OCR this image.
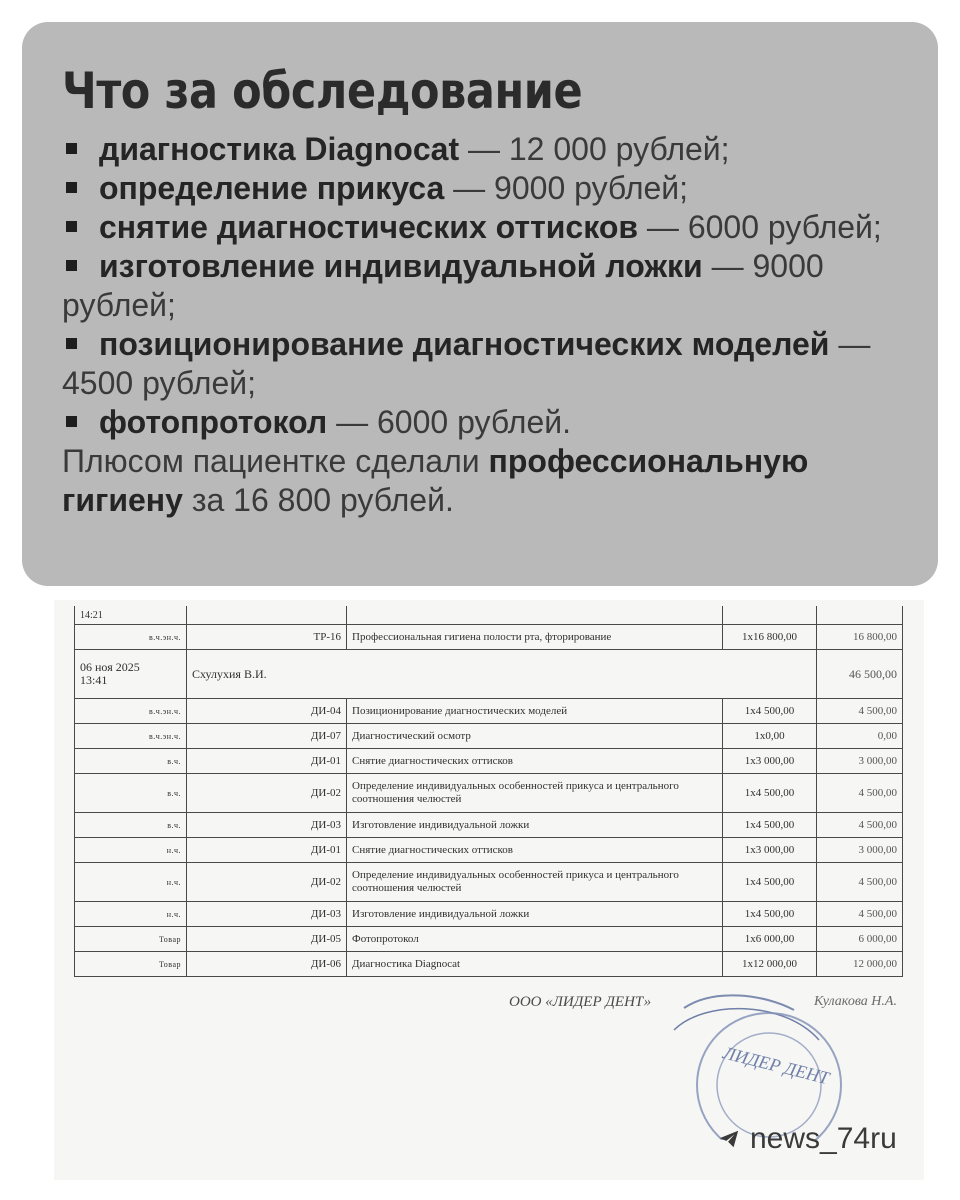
Что за обследование
диагностика Diagnocat — 12 000 рублей;
определение прикуса — 9000 рублей;
снятие диагностических оттисков — 6000 рублей;
изготовление индивидуальной ложки — 9000 рублей;
позиционирование диагностических моделей — 4500 рублей;
фотопротокол — 6000 рублей.
Плюсом пациентке сделали профессиональную гигиену за 16 800 рублей.
14:21				
в.ч.эн.ч.	ТР-16	Профессиональная гигиена полости рта, фторирование	1х16 800,00	16 800,00
06 ноя 2025
13:41	Схулухия В.И.			46 500,00
в.ч.эн.ч.	ДИ-04	Позиционирование диагностических моделей	1х4 500,00	4 500,00
в.ч.эн.ч.	ДИ-07	Диагностический осмотр	1х0,00	0,00
в.ч.	ДИ-01	Снятие диагностических оттисков	1х3 000,00	3 000,00
в.ч.	ДИ-02	Определение индивидуальных особенностей прикуса и центрального соотношения челюстей	1х4 500,00	4 500,00
в.ч.	ДИ-03	Изготовление индивидуальной ложки	1х4 500,00	4 500,00
н.ч.	ДИ-01	Снятие диагностических оттисков	1х3 000,00	3 000,00
н.ч.	ДИ-02	Определение индивидуальных особенностей прикуса и центрального соотношения челюстей	1х4 500,00	4 500,00
н.ч.	ДИ-03	Изготовление индивидуальной ложки	1х4 500,00	4 500,00
Товар	ДИ-05	Фотопротокол	1х6 000,00	6 000,00
Товар	ДИ-06	Диагностика Diagnocat	1х12 000,00	12 000,00
ООО «ЛИДЕР ДЕНТ»	Кулакова Н.А.
ЛИДЕР ДЕНТ
news_74ru
